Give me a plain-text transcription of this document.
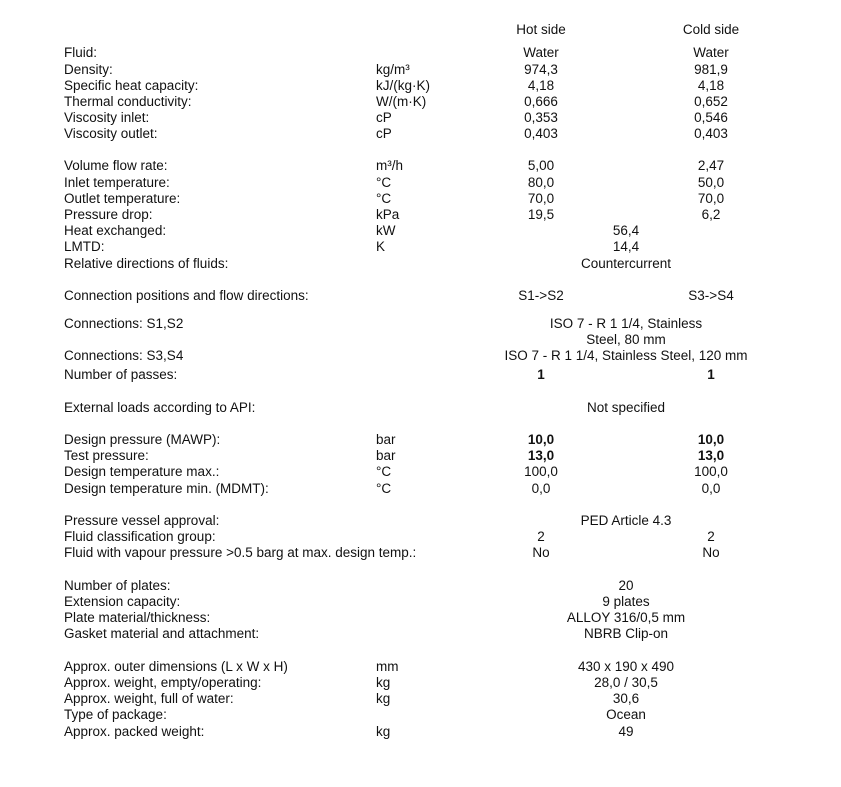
Hot side	Cold side
Fluid:	Water	Water
Density:	kg/m³	974,3	981,9
Specific heat capacity:	kJ/(kg·K)	4,18	4,18
Thermal conductivity:	W/(m·K)	0,666	0,652
Viscosity inlet:	cP	0,353	0,546
Viscosity outlet:	cP	0,403	0,403
Volume flow rate:	m³/h	5,00	2,47
Inlet temperature:	°C	80,0	50,0
Outlet temperature:	°C	70,0	70,0
Pressure drop:	kPa	19,5	6,2
Heat exchanged:	kW	56,4
LMTD:	K	14,4
Relative directions of fluids:	Countercurrent
Connection positions and flow directions:	S1->S2	S3->S4
Connections: S1,S2	ISO 7 - R 1 1/4, Stainless
Steel, 80 mm
Connections: S3,S4	ISO 7 - R 1 1/4, Stainless Steel, 120 mm
Number of passes:	1	1
External loads according to API:	Not specified
Design pressure (MAWP):	bar	10,0	10,0
Test pressure:	bar	13,0	13,0
Design temperature max.:	°C	100,0	100,0
Design temperature min. (MDMT):	°C	0,0	0,0
Pressure vessel approval:	PED Article 4.3
Fluid classification group:	2	2
Fluid with vapour pressure >0.5 barg at max. design temp.:	No	No
Number of plates:	20
Extension capacity:	9 plates
Plate material/thickness:	ALLOY 316/0,5 mm
Gasket material and attachment:	NBRB Clip-on
Approx. outer dimensions (L x W x H)	mm	430 x 190 x 490
Approx. weight, empty/operating:	kg	28,0 / 30,5
Approx. weight, full of water:	kg	30,6
Type of package:	Ocean
Approx. packed weight:	kg	49
